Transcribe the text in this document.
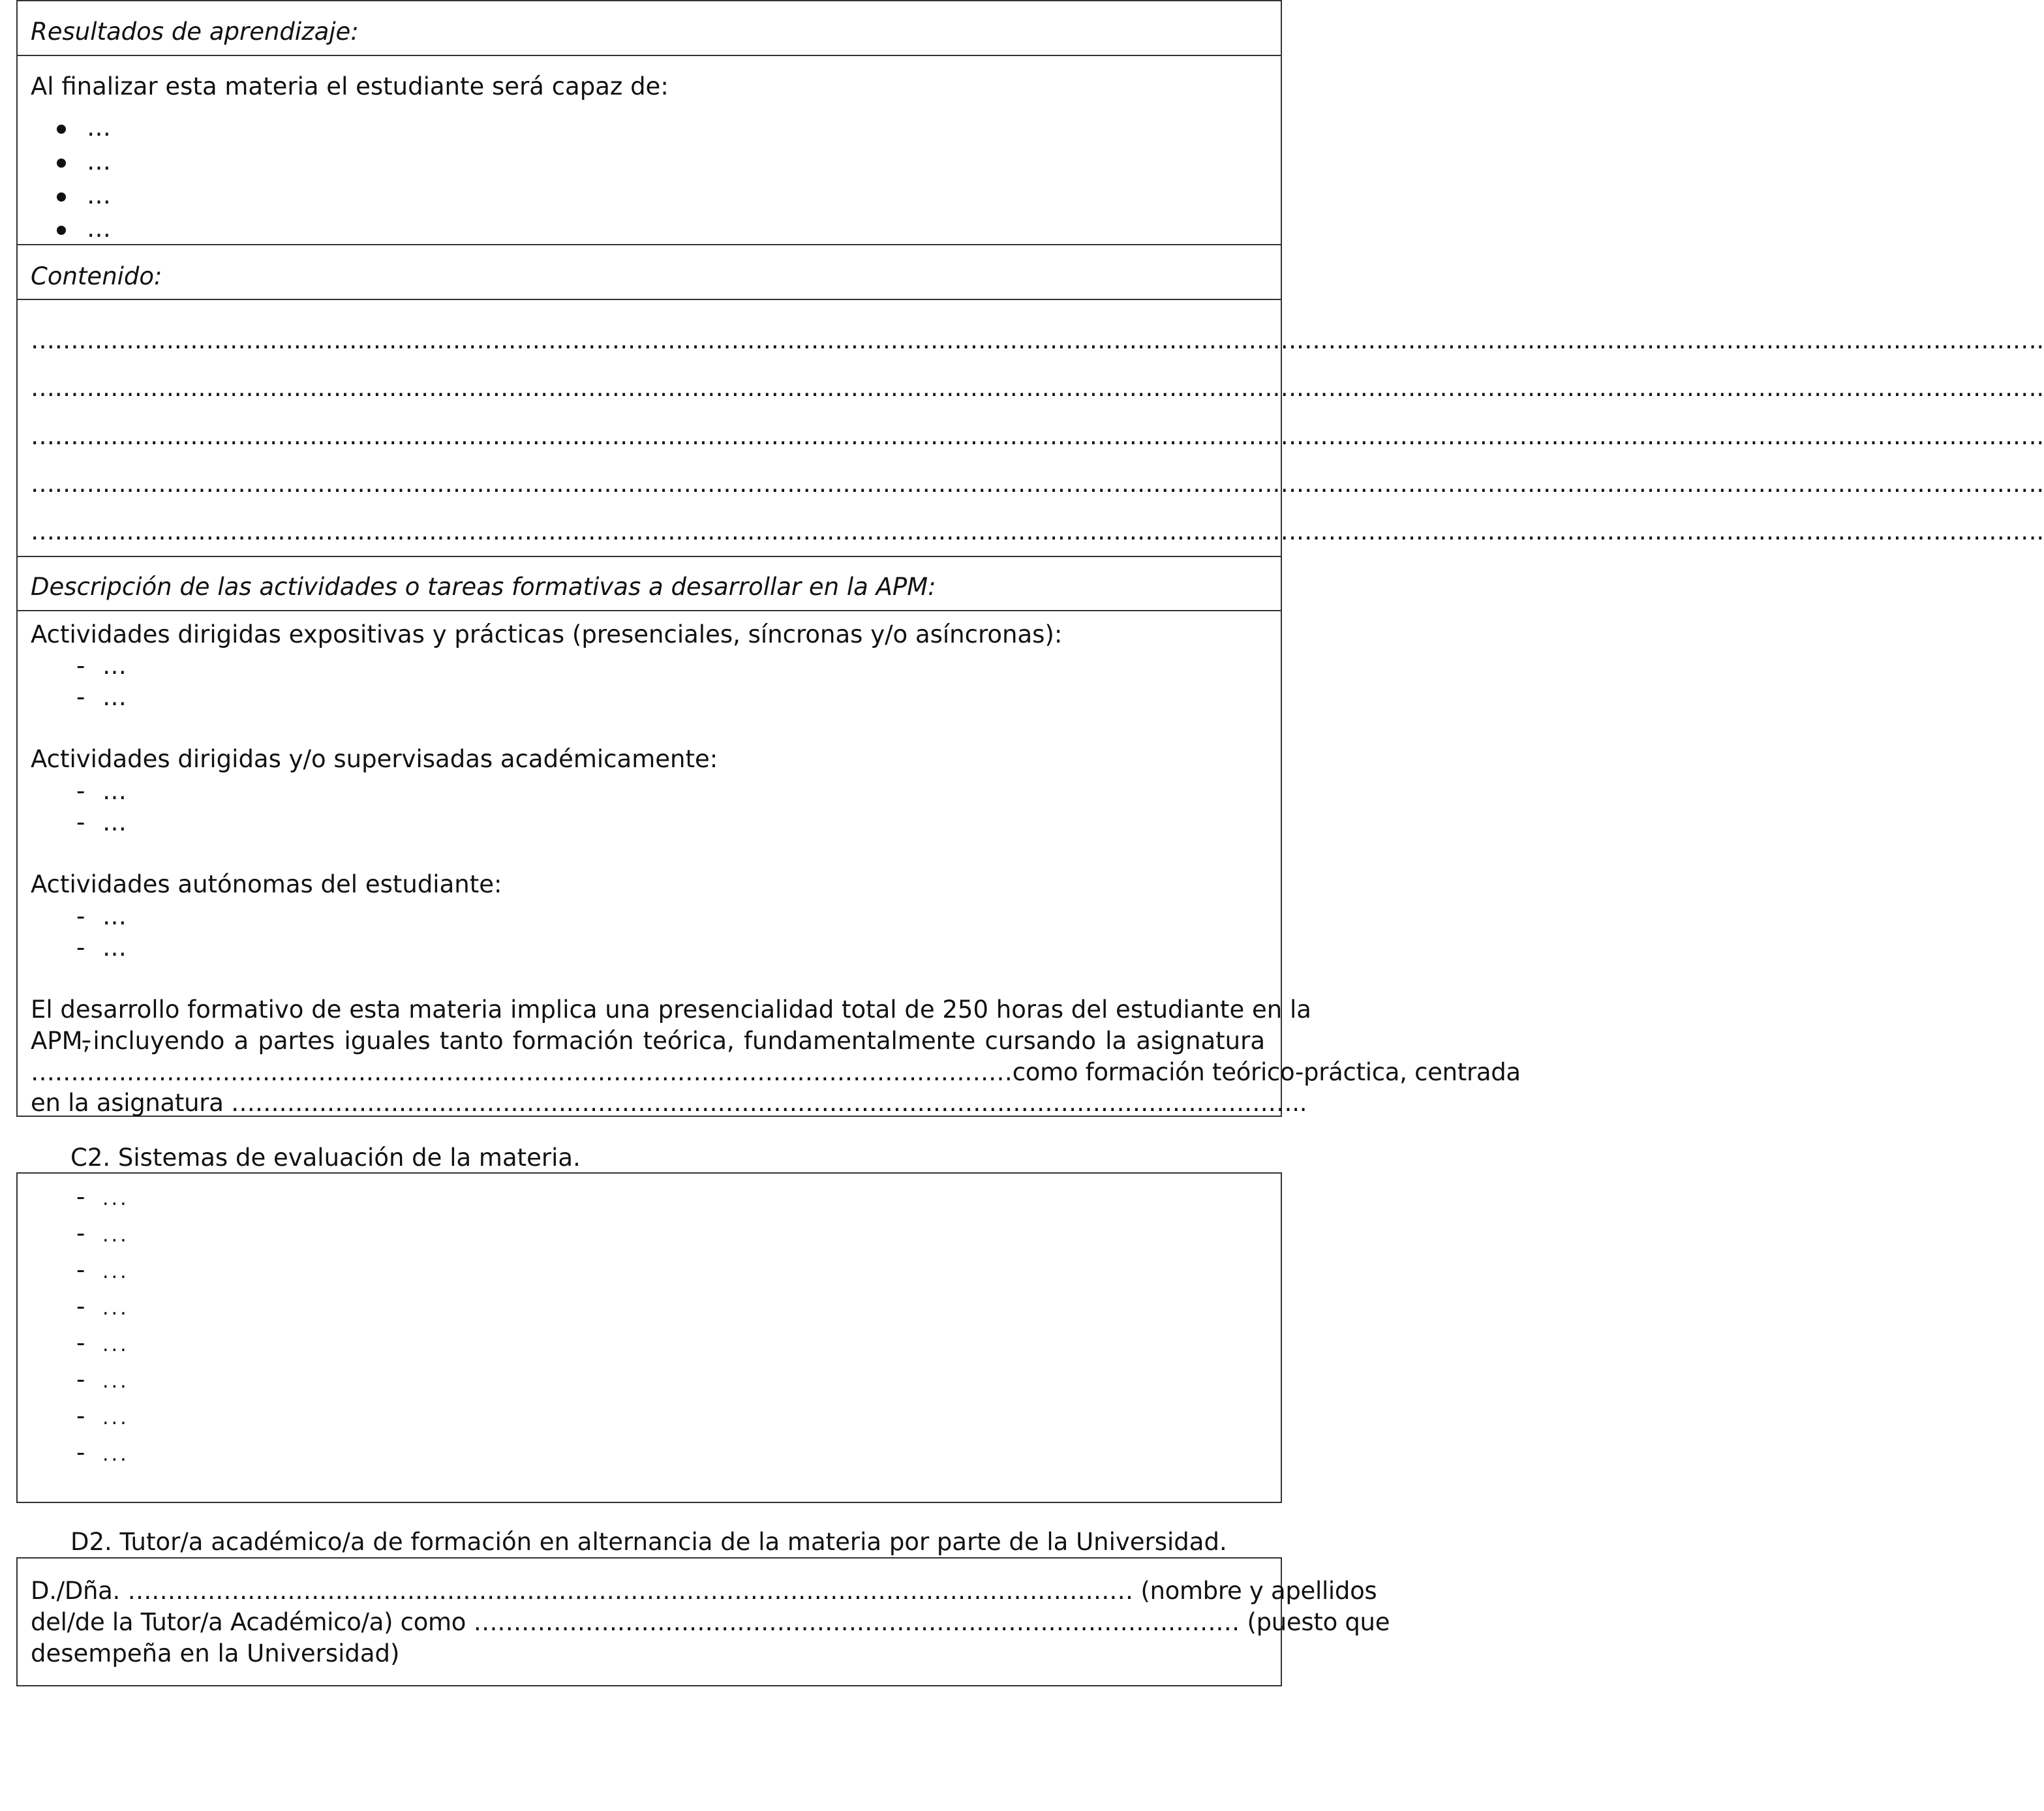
Resultados de aprendizaje:
Al finalizar esta materia el estudiante será capaz de:
…
…
…
…
Contenido:
……………………………………………………………………………………………………………………………………………………………………………………………………………………………….
……………………………………………………………………………………………………………………………………………………………………………………………………………………………….
……………………………………………………………………………………………………………………………………………………………………………………………………………………………….
……………………………………………………………………………………………………………………………………………………………………………………………………………………………….
……………………………………………………………………………………………………………………………………………………………………………………………………………………………….
Descripción de las actividades o tareas formativas a desarrollar en la APM:
Actividades dirigidas expositivas y prácticas (presenciales, síncronas y/o asíncronas):
- …
- …
Actividades dirigidas y/o supervisadas académicamente:
- …
- …
Actividades autónomas del estudiante:
- …
- …
El desarrollo formativo de esta materia implica una presencialidad total de 250 horas del estudiante en la
APM, incluyendo a partes iguales tanto formación teórica, fundamentalmente cursando la asignatura
……………………………………………………………………………………………………………como formación teórico-práctica, centrada
en la asignatura …………………………………….………………………………………………………………………………..
C2. Sistemas de evaluación de la materia.
- ...
- ...
- ...
- ...
- ...
- ...
- ...
- ...
D2. Tutor/a académico/a de formación en alternancia de la materia por parte de la Universidad.
D./Dña. ……………………………………………………………………………………………………………… (nombre y apellidos
del/de la Tutor/a Académico/a) como …………………………………………………………………………………… (puesto que
desempeña en la Universidad)
